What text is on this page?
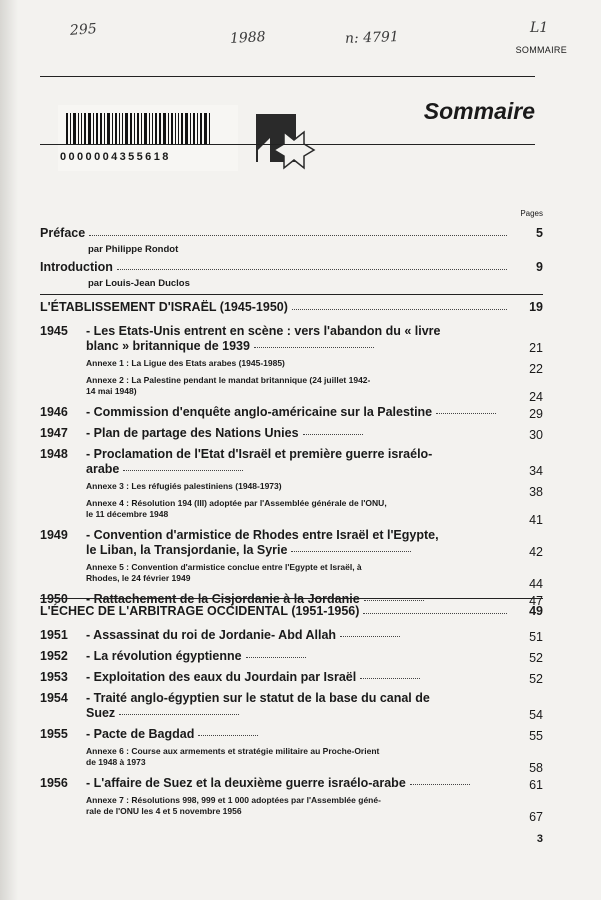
295	1988	n: 4791
L1
SOMMAIRE
0000004355618
Sommaire
Pages
Préface	5
par Philippe Rondot
Introduction	9
par Louis-Jean Duclos
L'ÉTABLISSEMENT D'ISRAËL (1945-1950)	19
1945 - Les Etats-Unis entrent en scène : vers l'abandon du « livre
blanc » britannique de 1939	21
Annexe 1 : La Ligue des Etats arabes (1945-1985)	22
Annexe 2 : La Palestine pendant le mandat britannique (24 juillet 1942-
14 mai 1948)	24
1946 - Commission d'enquête anglo-américaine sur la Palestine	29
1947 - Plan de partage des Nations Unies	30
1948 - Proclamation de l'Etat d'Israël et première guerre israélo-
arabe	34
Annexe 3 : Les réfugiés palestiniens (1948-1973)	38
Annexe 4 : Résolution 194 (III) adoptée par l'Assemblée générale de l'ONU,
le 11 décembre 1948	41
1949 - Convention d'armistice de Rhodes entre Israël et l'Egypte,
le Liban, la Transjordanie, la Syrie	42
Annexe 5 : Convention d'armistice conclue entre l'Egypte et Israël, à
Rhodes, le 24 février 1949	44
1950 - Rattachement de la Cisjordanie à la Jordanie	47
L'ÉCHEC DE L'ARBITRAGE OCCIDENTAL (1951-1956)	49
1951 - Assassinat du roi de Jordanie- Abd Allah	51
1952 - La révolution égyptienne	52
1953 - Exploitation des eaux du Jourdain par Israël	52
1954 - Traité anglo-égyptien sur le statut de la base du canal de
Suez	54
1955 - Pacte de Bagdad	55
Annexe 6 : Course aux armements et stratégie militaire au Proche-Orient
de 1948 à 1973	58
1956 - L'affaire de Suez et la deuxième guerre israélo-arabe	61
Annexe 7 : Résolutions 998, 999 et 1 000 adoptées par l'Assemblée géné-
rale de l'ONU les 4 et 5 novembre 1956	67
3
